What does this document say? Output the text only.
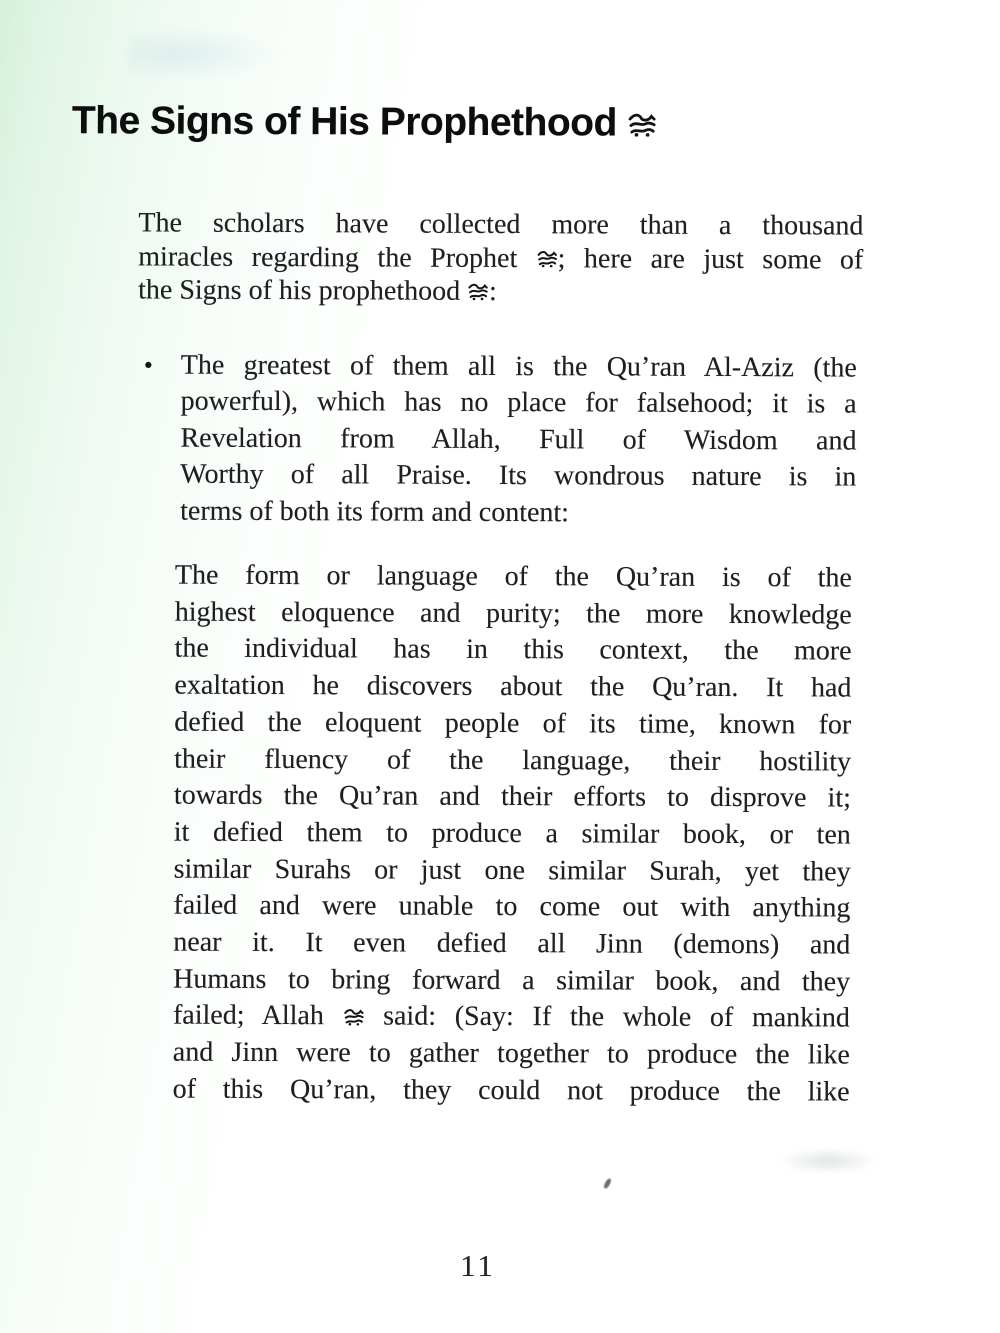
The Signs of His Prophethood
The scholars have collected more than a thousand
miracles regarding the Prophet
; here are just some of
the Signs of his prophethood
:
• The greatest of them all is the Qu’ran Al-Aziz (the
powerful), which has no place for falsehood; it is a
Revelation from Allah, Full of Wisdom and
Worthy of all Praise. Its wondrous nature is in
terms of both its form and content:
The form or language of the Qu’ran is of the
highest eloquence and purity; the more knowledge
the individual has in this context, the more
exaltation he discovers about the Qu’ran. It had
defied the eloquent people of its time, known for
their fluency of the language, their hostility
towards the Qu’ran and their efforts to disprove it;
it defied them to produce a similar book, or ten
similar Surahs or just one similar Surah, yet they
failed and were unable to come out with anything
near it. It even defied all Jinn (demons) and
Humans to bring forward a similar book, and they
failed; Allah
said: (Say: If the whole of mankind
and Jinn were to gather together to produce the like
of this Qu’ran, they could not produce the like
11
